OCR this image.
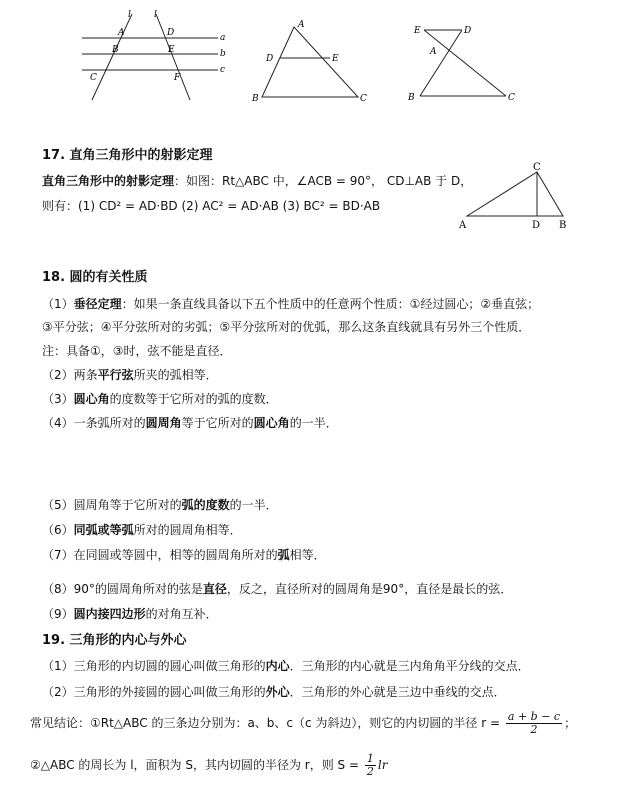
l	l
a
b
c
A
B
C
D
E
F
A
D	E
B	C
E	D
A
B	C
17. 直角三角形中的射影定理
直角三角形中的射影定理：如图：Rt△ABC 中，∠ACB = 90°， CD⊥AB 于 D，
则有：(1) CD² = AD·BD (2) AC² = AD·AB (3) BC² = BD·AB
C
A	D B
18. 圆的有关性质
（1）垂径定理：如果一条直线具备以下五个性质中的任意两个性质：①经过圆心；②垂直弦；
③平分弦；④平分弦所对的劣弧；⑤平分弦所对的优弧，那么这条直线就具有另外三个性质．
注：具备①，③时，弦不能是直径．
（2）两条平行弦所夹的弧相等．
（3）圆心角的度数等于它所对的弧的度数．
（4）一条弧所对的圆周角等于它所对的圆心角的一半．
（5）圆周角等于它所对的弧的度数的一半．
（6）同弧或等弧所对的圆周角相等．
（7）在同圆或等圆中，相等的圆周角所对的弧相等．
（8）90°的圆周角所对的弦是直径，反之，直径所对的圆周角是90°，直径是最长的弦．
（9）圆内接四边形的对角互补．
19. 三角形的内心与外心
（1）三角形的内切圆的圆心叫做三角形的内心．三角形的内心就是三内角角平分线的交点．
（2）三角形的外接圆的圆心叫做三角形的外心．三角形的外心就是三边中垂线的交点．
常见结论：①Rt△ABC 的三条边分别为：a、b、c（c 为斜边），则它的内切圆的半径 $r = \frac{a + b - c}{2}$ ；
②△ABC 的周长为 l，面积为 S，其内切圆的半径为 r，则 $S = \frac{1}{2}$ lr
